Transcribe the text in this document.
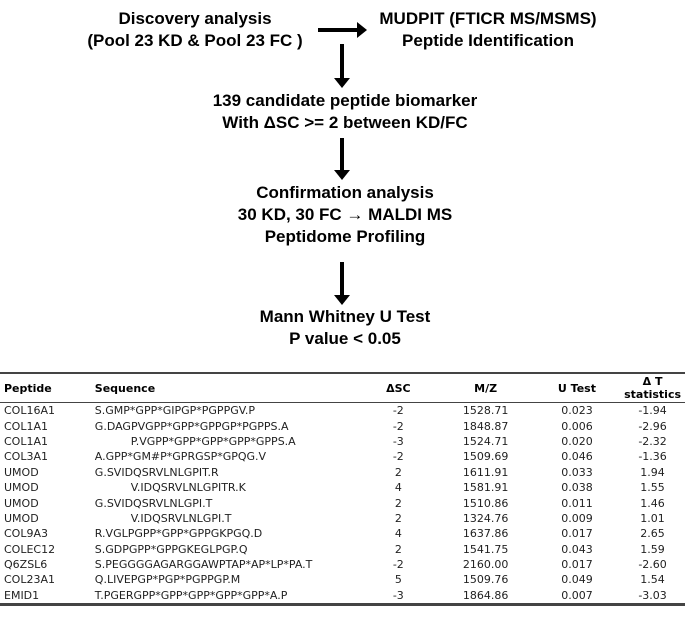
Discovery analysis
(Pool 23 KD & Pool 23 FC )
MUDPIT (FTICR MS/MSMS)
Peptide Identification
139 candidate peptide biomarker
With ΔSC >= 2 between KD/FC
Confirmation analysis
30 KD, 30 FC → MALDI MS
Peptidome Profiling
Mann Whitney U Test
P value < 0.05
Peptide	Sequence	ΔSC	M/Z	U Test	Δ T statistics
COL16A1	S.GMP*GPP*GIPGP*PGPPGV.P	-2	1528.71	0.023	-1.94
COL1A1	G.DAGPVGPP*GPP*GPPGP*PGPPS.A	-2	1848.87	0.006	-2.96
COL1A1	P.VGPP*GPP*GPP*GPP*GPPS.A	-3	1524.71	0.020	-2.32
COL3A1	A.GPP*GM#P*GPRGSP*GPQG.V	-2	1509.69	0.046	-1.36
UMOD	G.SVIDQSRVLNLGPIT.R	2	1611.91	0.033	1.94
UMOD	V.IDQSRVLNLGPITR.K	4	1581.91	0.038	1.55
UMOD	G.SVIDQSRVLNLGPI.T	2	1510.86	0.011	1.46
UMOD	V.IDQSRVLNLGPI.T	2	1324.76	0.009	1.01
COL9A3	R.VGLPGPP*GPP*GPPGKPGQ.D	4	1637.86	0.017	2.65
COLEC12	S.GDPGPP*GPPGKEGLPGP.Q	2	1541.75	0.043	1.59
Q6ZSL6	S.PEGGGGAGARGGAWPTAP*AP*LP*PA.T	-2	2160.00	0.017	-2.60
COL23A1	Q.LIVEPGP*PGP*PGPPGP.M	5	1509.76	0.049	1.54
EMID1	T.PGERGPP*GPP*GPP*GPP*GPP*A.P	-3	1864.86	0.007	-3.03
